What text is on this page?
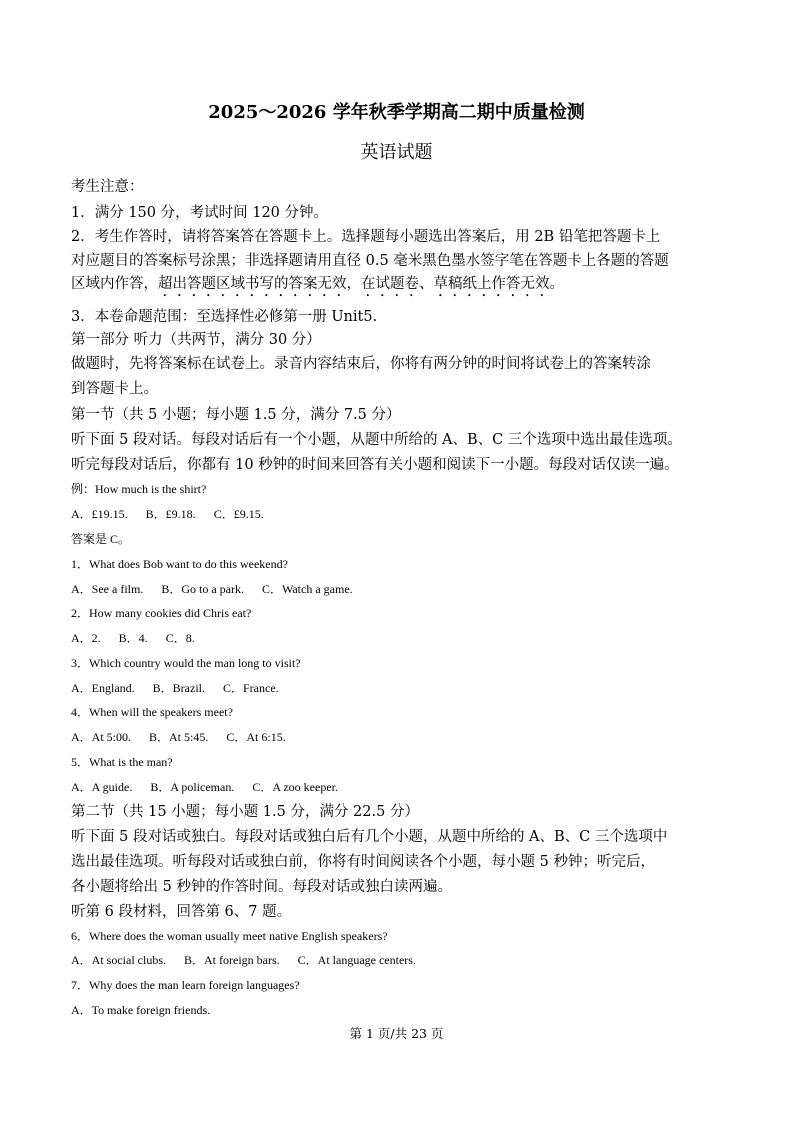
2025～2026 学年秋季学期高二期中质量检测
英语试题
考生注意：
1．满分 150 分，考试时间 120 分钟。
2．考生作答时，请将答案答在答题卡上。选择题每小题选出答案后，用 2B 铅笔把答题卡上
对应题目的答案标号涂黑；非选择题请用直径 0.5 毫米黑色墨水签字笔在答题卡上各题的答题
区域内作答，超出答题区域书写的答案无效，在试题卷、草稿纸上作答无效。
3．本卷命题范围：至选择性必修第一册 Unit5.
第一部分 听力（共两节，满分 30 分）
做题时，先将答案标在试卷上。录音内容结束后，你将有两分钟的时间将试卷上的答案转涂
到答题卡上。
第一节（共 5 小题；每小题 1.5 分，满分 7.5 分）
听下面 5 段对话。每段对话后有一个小题，从题中所给的 A、B、C 三个选项中选出最佳选项。
听完每段对话后，你都有 10 秒钟的时间来回答有关小题和阅读下一小题。每段对话仅读一遍。
例：How much is the shirt?
A．£19.15. B．£9.18. C．£9.15.
答案是 C。
1．What does Bob want to do this weekend?
A．See a film. B．Go to a park. C．Watch a game.
2．How many cookies did Chris eat?
A．2. B．4. C．8.
3．Which country would the man long to visit?
A．England. B．Brazil. C．France.
4．When will the speakers meet?
A．At 5:00. B．At 5:45. C．At 6:15.
5．What is the man?
A．A guide. B．A policeman. C．A zoo keeper.
第二节（共 15 小题；每小题 1.5 分，满分 22.5 分）
听下面 5 段对话或独白。每段对话或独白后有几个小题，从题中所给的 A、B、C 三个选项中
选出最佳选项。听每段对话或独白前，你将有时间阅读各个小题，每小题 5 秒钟；听完后，
各小题将给出 5 秒钟的作答时间。每段对话或独白读两遍。
听第 6 段材料，回答第 6、7 题。
6．Where does the woman usually meet native English speakers?
A．At social clubs. B．At foreign bars. C．At language centers.
7．Why does the man learn foreign languages?
A．To make foreign friends.
第 1 页/共 23 页
